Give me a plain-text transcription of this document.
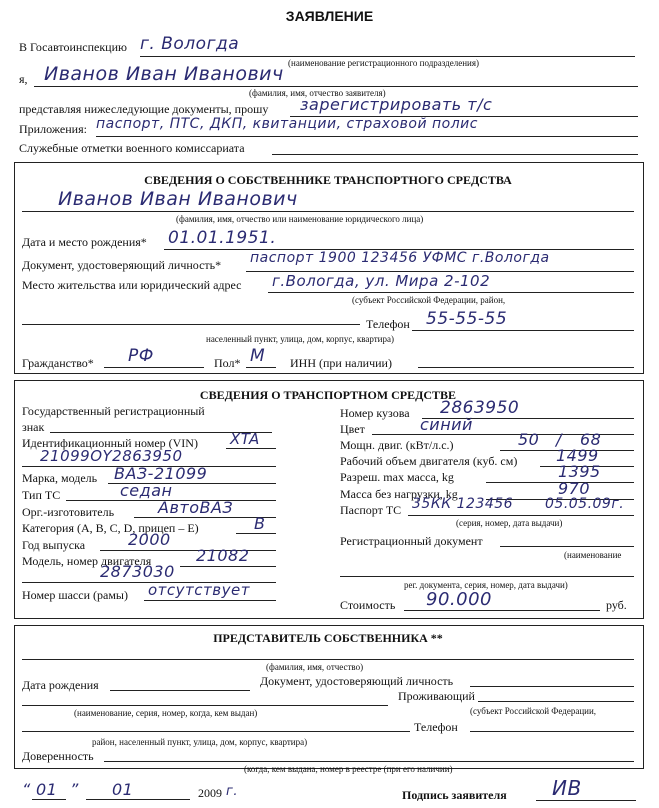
ЗАЯВЛЕНИЕ
В Госавтоинспекцию г. Вологда
(наименование регистрационного подразделения)
я, Иванов Иван Иванович
(фамилия, имя, отчество заявителя)
представляя нижеследующие документы, прошу зарегистрировать т/с
Приложения: паспорт, ПТС, ДКП, квитанции, страховой полис
Служебные отметки военного комиссариата
СВЕДЕНИЯ О СОБСТВЕННИКЕ ТРАНСПОРТНОГО СРЕДСТВА
Иванов Иван Иванович
(фамилия, имя, отчество или наименование юридического лица)
Дата и место рождения* 01.01.1951.
Документ, удостоверяющий личность* паспорт 1900 123456 УФМС г.Вологда
Место жительства или юридический адрес г.Вологда, ул. Мира 2-102
(субъект Российской Федерации, район,
Телефон 55-55-55
населенный пункт, улица, дом, корпус, квартира)
Гражданство* РФ	Пол* М ИНН (при наличии)
СВЕДЕНИЯ О ТРАНСПОРТНОМ СРЕДСТВЕ
Государственный регистрационный
знак
Идентификационный номер (VIN) XTA
21099OY2863950
Марка, модель ВАЗ-21099
Тип ТС	седан
Орг.-изготовитель	АвтоВАЗ
Категория (A, B, C, D, прицеп – E)	В
Год выпуска	2000
Модель, номер двигателя	21082
2873030
Номер шасси (рамы) отсутствует
Номер кузова 2863950
Цвет	синий
Мощн. двиг. (кВт/л.с.)	50 / 68
Рабочий объем двигателя (куб. см) 1499
Разреш. max масса, kg	1395
Масса без нагрузки, kg	970
Паспорт ТС 35КК 123456 05.05.09г.
(серия, номер, дата выдачи)
Регистрационный документ
(наименование
рег. документа, серия, номер, дата выдачи)
Стоимость 90.000	руб.
ПРЕДСТАВИТЕЛЬ СОБСТВЕННИКА **
(фамилия, имя, отчество)
Дата рождения	Документ, удостоверяющий личность
Проживающий
(наименование, серия, номер, когда, кем выдан)	(субъект Российской Федерации,
Телефон
район, населенный пункт, улица, дом, корпус, квартира)
Доверенность
(когда, кем выдана, номер в реестре (при его наличии)
“ 01 ” 01	2009 г.	Подпись заявителя ИВ
